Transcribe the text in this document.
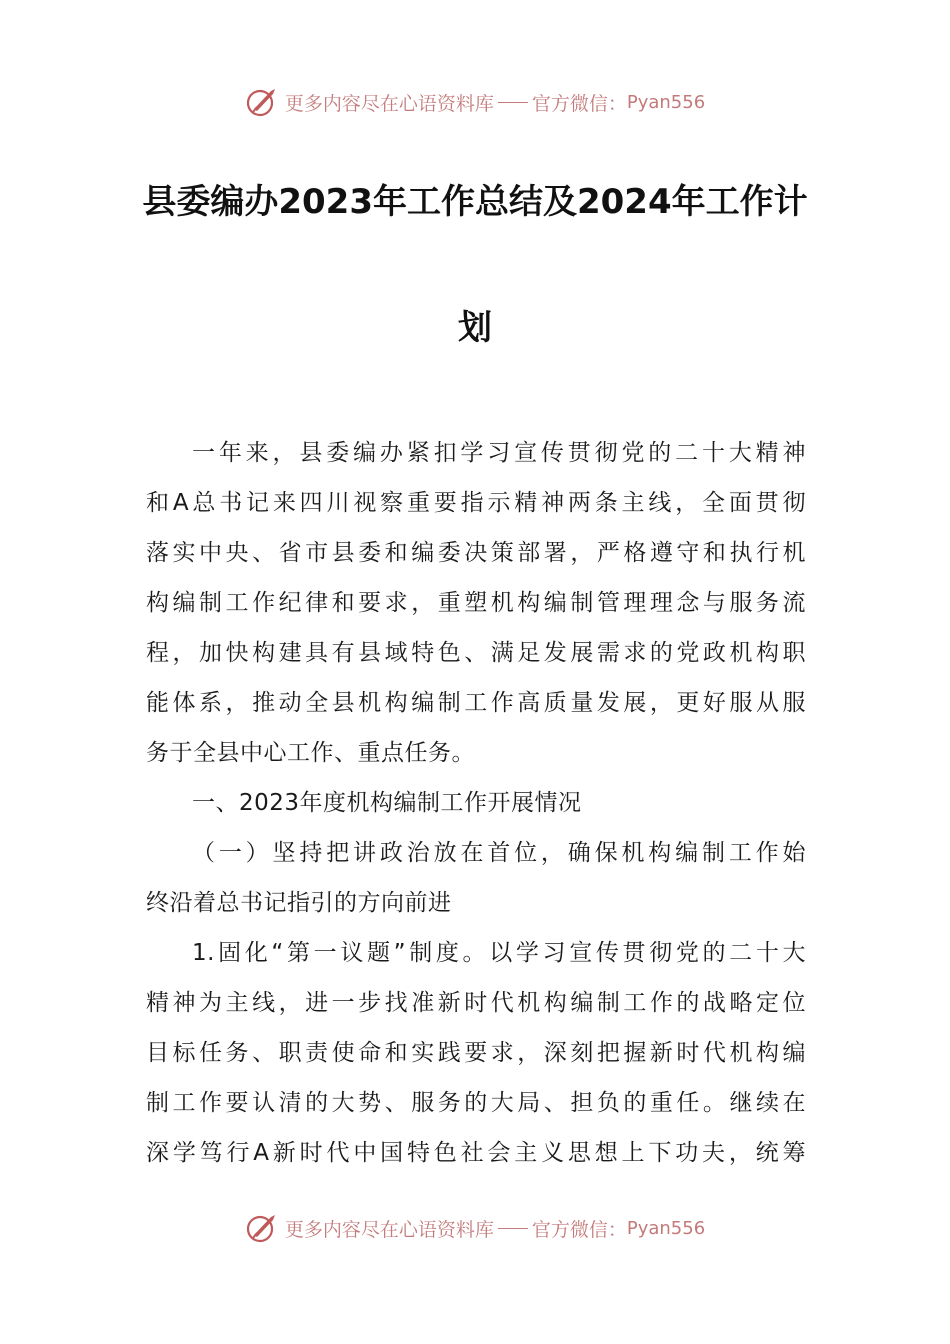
更多内容尽在心语资料库 官方微信： Pyan556
县委编办2023年工作总结及2024年工作计
划
一年来，县委编办紧扣学习宣传贯彻党的二十大精神
和A总书记来四川视察重要指示精神两条主线，全面贯彻
落实中央、省市县委和编委决策部署，严格遵守和执行机
构编制工作纪律和要求，重塑机构编制管理理念与服务流
程，加快构建具有县域特色、满足发展需求的党政机构职
能体系，推动全县机构编制工作高质量发展，更好服从服
务于全县中心工作、重点任务。
一、2023年度机构编制工作开展情况
（一）坚持把讲政治放在首位，确保机构编制工作始
终沿着总书记指引的方向前进
1.固化“第一议题”制度。以学习宣传贯彻党的二十大
精神为主线，进一步找准新时代机构编制工作的战略定位
目标任务、职责使命和实践要求，深刻把握新时代机构编
制工作要认清的大势、服务的大局、担负的重任。继续在
深学笃行A新时代中国特色社会主义思想上下功夫，统筹
更多内容尽在心语资料库 官方微信： Pyan556
